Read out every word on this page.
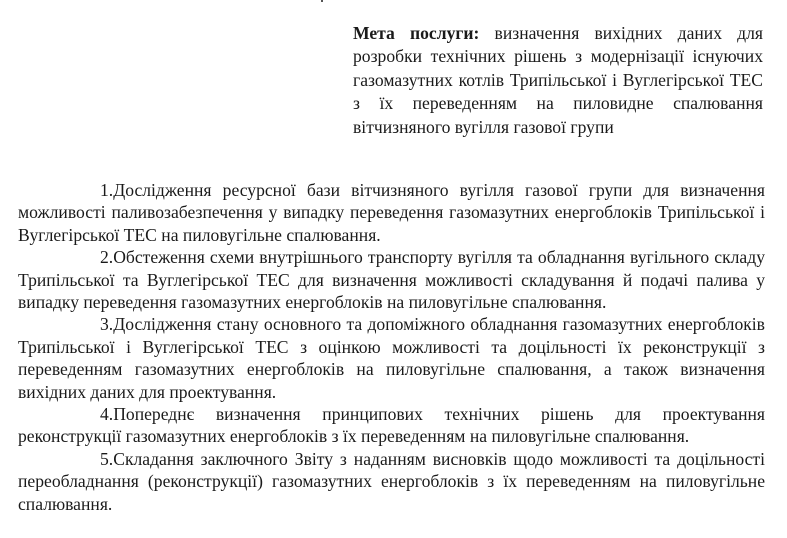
Мета послуги: визначення вихідних даних для розробки технічних рішень з модернізації існуючих газомазутних котлів Трипільської і Вуглегірської ТЕС з їх переведенням на пиловидне спалювання вітчизняного вугілля газової групи
1.Дослідження ресурсної бази вітчизняного вугілля газової групи для визначення можливості паливозабезпечення у випадку переведення газомазутних енергоблоків Трипільської і Вуглегірської ТЕС на пиловугільне спалювання.
2.Обстеження схеми внутрішнього транспорту вугілля та обладнання вугільного складу Трипільської та Вуглегірської ТЕС для визначення можливості складування й подачі палива у випадку переведення газомазутних енергоблоків на пиловугільне спалювання.
3.Дослідження стану основного та допоміжного обладнання газомазутних енергоблоків Трипільської і Вуглегірської ТЕС з оцінкою можливості та доцільності їх реконструкції з переведенням газомазутних енергоблоків на пиловугільне спалювання, а також визначення вихідних даних для проектування.
4.Попереднє визначення принципових технічних рішень для проектування реконструкції газомазутних енергоблоків з їх переведенням на пиловугільне спалювання.
5.Складання заключного Звіту з наданням висновків щодо можливості та доцільності переобладнання (реконструкції) газомазутних енергоблоків з їх переведенням на пиловугільне спалювання.
